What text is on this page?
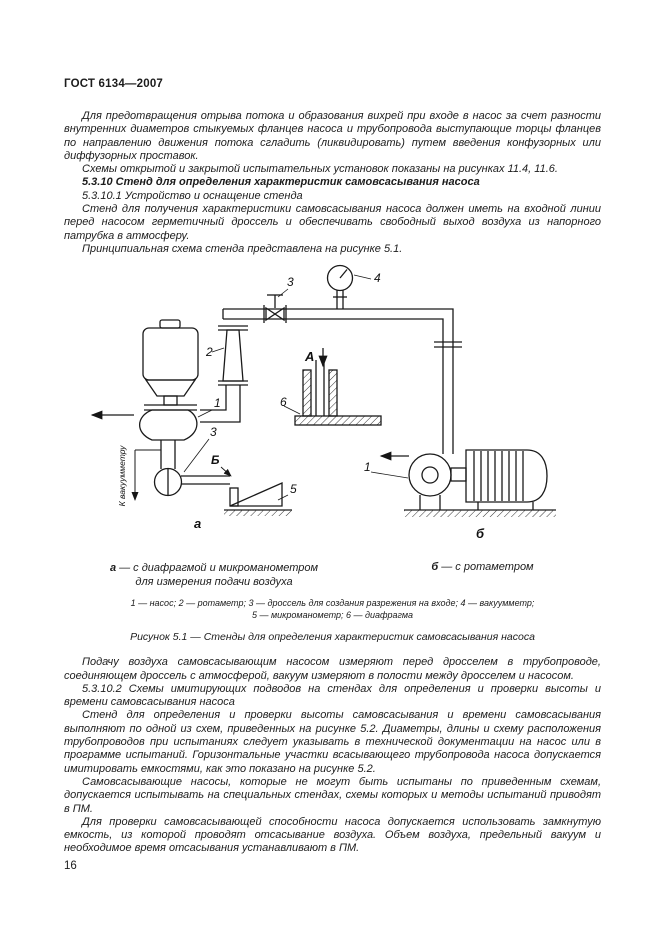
ГОСТ 6134—2007

Для предотвращения отрыва потока и образования вихрей при входе в насос за счет разности внутренних диаметров стыкуемых фланцев насоса и трубопровода выступающие торцы фланцев по направлению движения потока сгладить (ликвидировать) путем введения конфузорных или диффузорных проставок.

Схемы открытой и закрытой испытательных установок показаны на рисунках 11.4, 11.6.

5.3.10 Стенд для определения характеристик самовсасывания насоса

5.3.10.1 Устройство и оснащение стенда

Стенд для получения характеристики самовсасывания насоса должен иметь на входной линии перед насосом герметичный дроссель и обеспечивать свободный выход воздуха из напорного патрубка в атмосферу.

Принципиальная схема стенда представлена на рисунке 5.1.

2
3	4
1
3
5
6
1
А
Б
а
б
К вакуумметру
а — с диафрагмой и микроманометром
для измерения подачи воздуха
б — с ротаметром
1 — насос; 2 — ротаметр; 3 — дроссель для создания разрежения на входе; 4 — вакуумметр;
5 — микроманометр; 6 — диафрагма
Рисунок 5.1 — Стенды для определения характеристик самовсасывания насоса

Подачу воздуха самовсасывающим насосом измеряют перед дросселем в трубопроводе, соединяющем дроссель с атмосферой, вакуум измеряют в полости между дросселем и насосом.

5.3.10.2 Схемы имитирующих подводов на стендах для определения и проверки высоты и времени самовсасывания насоса

Стенд для определения и проверки высоты самовсасывания и времени самовсасывания выполняют по одной из схем, приведенных на рисунке 5.2. Диаметры, длины и схему расположения трубопроводов при испытаниях следует указывать в технической документации на насос или в программе испытаний. Горизонтальные участки всасывающего трубопровода насоса допускается имитировать емкостями, как это показано на рисунке 5.2.

Самовсасывающие насосы, которые не могут быть испытаны по приведенным схемам, допускается испытывать на специальных стендах, схемы которых и методы испытаний приводят в ПМ.

Для проверки самовсасывающей способности насоса допускается использовать замкнутую емкость, из которой проводят отсасывание воздуха. Объем воздуха, предельный вакуум и необходимое время отсасывания устанавливают в ПМ.

16
